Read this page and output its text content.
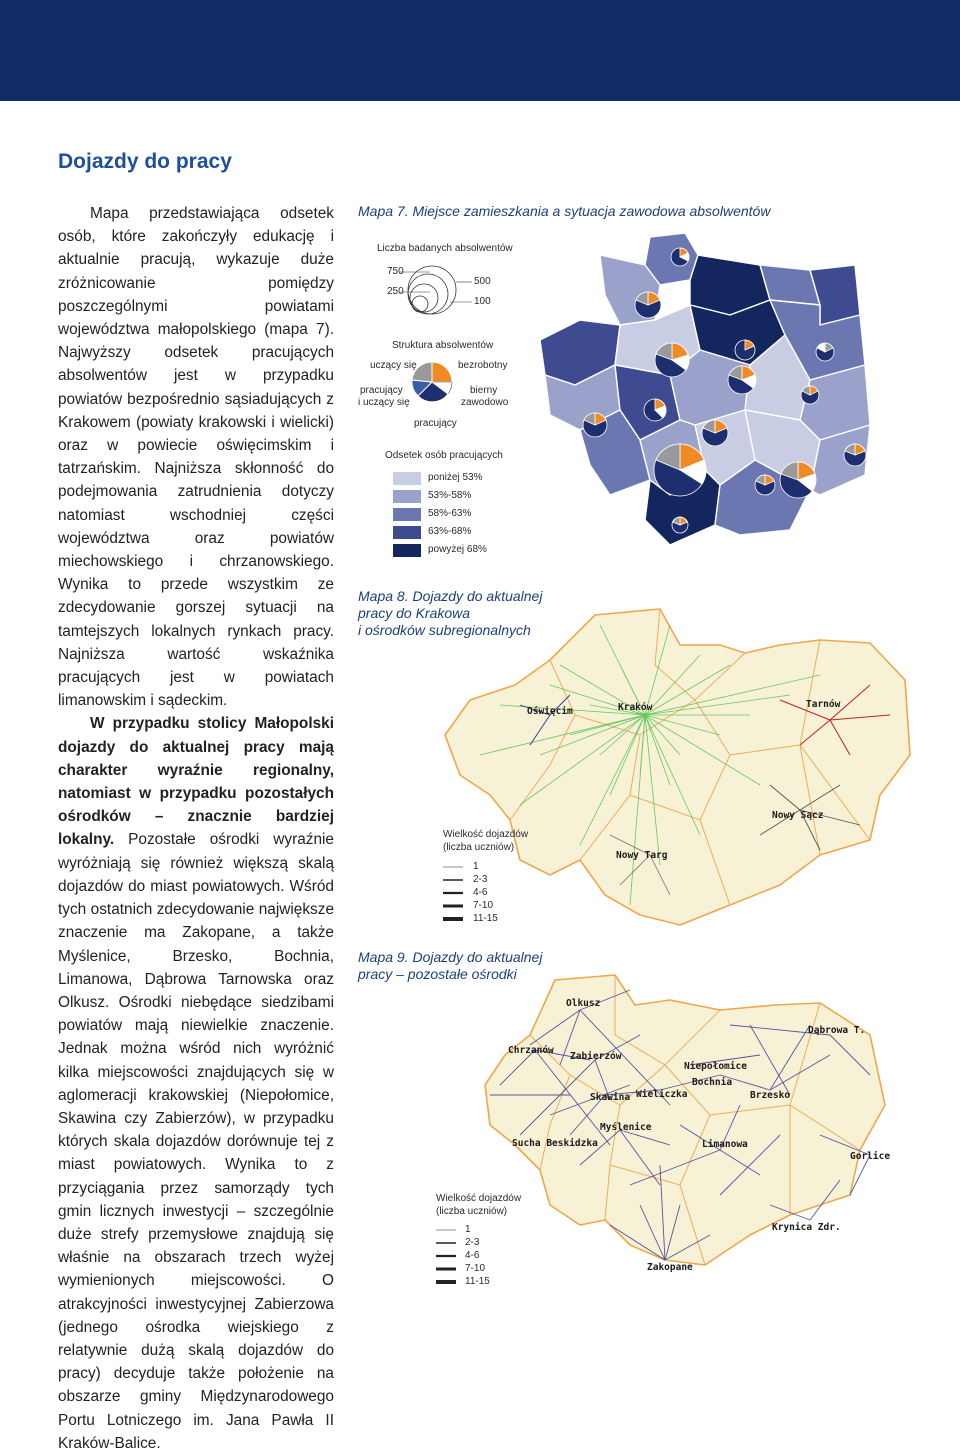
Dojazdy do pracy

Mapa przedstawiająca odsetek osób, które zakończyły edukację i aktualnie pracują, wykazuje duże zróżnicowanie pomiędzy poszczególnymi powiatami województwa małopolskiego (mapa 7). Najwyższy odsetek pracujących absolwentów jest w przypadku powiatów bezpośrednio sąsiadujących z Krakowem (powiaty krakowski i wielicki) oraz w powiecie oświęcimskim i tatrzańskim. Najniższa skłonność do podejmowania zatrudnienia dotyczy natomiast wschodniej części województwa oraz powiatów miechowskiego i chrzanowskiego. Wynika to przede wszystkim ze zdecydowanie gorszej sytuacji na tamtejszych lokalnych rynkach pracy. Najniższa wartość wskaźnika pracujących jest w powiatach limanowskim i sądeckim.

W przypadku stolicy Małopolski dojazdy do aktualnej pracy mają charakter wyraźnie regionalny, natomiast w przypadku pozostałych ośrodków – znacznie bardziej lokalny. Pozostałe ośrodki wyraźnie wyróżniają się również większą skalą dojazdów do miast powiatowych. Wśród tych ostatnich zdecydowanie największe znaczenie ma Zakopane, a także Myślenice, Brzesko, Bochnia, Limanowa, Dąbrowa Tarnowska oraz Olkusz. Ośrodki niebędące siedzibami powiatów mają niewielkie znaczenie. Jednak można wśród nich wyróżnić kilka miejscowości znajdujących się w aglomeracji krakowskiej (Niepołomice, Skawina czy Zabierzów), w przypadku których skala dojazdów dorównuje tej z miast powiatowych. Wynika to z przyciągania przez samorządy tych gmin licznych inwestycji – szczególnie duże strefy przemysłowe znajdują się właśnie na obszarach trzech wyżej wymienionych miejscowości. O atrakcyjności inwestycyjnej Zabierzowa (jednego ośrodka wiejskiego z relatywnie dużą skalą dojazdów do pracy) decyduje także położenie na obszarze gminy Międzynarodowego Portu Lotniczego im. Jana Pawła II Kraków-Balice.

Mapa 7. Miejsce zamieszkania a sytuacja zawodowa absolwentów
Liczba badanych absolwentów
750
250
500
100
Struktura absolwentów
uczący się	bezrobotny
pracujący
i uczący się
bierny
zawodowo
pracujący
Odsetek osób pracujących
poniżej 53%
53%-58%
58%-63%
63%-68%
powyżej 68%
Mapa 8. Dojazdy do aktualnej
pracy do Krakowa
i ośrodków subregionalnych
Oświęcim	Kraków	Tarnów
Nowy Sącz
Nowy Targ
Wielkość dojazdów
(liczba uczniów)
1
2-3
4-6
7-10
11-15
Mapa 9. Dojazdy do aktualnej
pracy – pozostałe ośrodki
Olkusz
Dąbrowa T.
Chrzanów
Zabierzów
Niepołomice
Bochnia
Skawina Wieliczka	Brzesko
Myślenice
Sucha Beskidzka	Limanowa
Gorlice
Krynica Zdr.
Zakopane
Wielkość dojazdów
(liczba uczniów)
1
2-3
4-6
7-10
11-15
